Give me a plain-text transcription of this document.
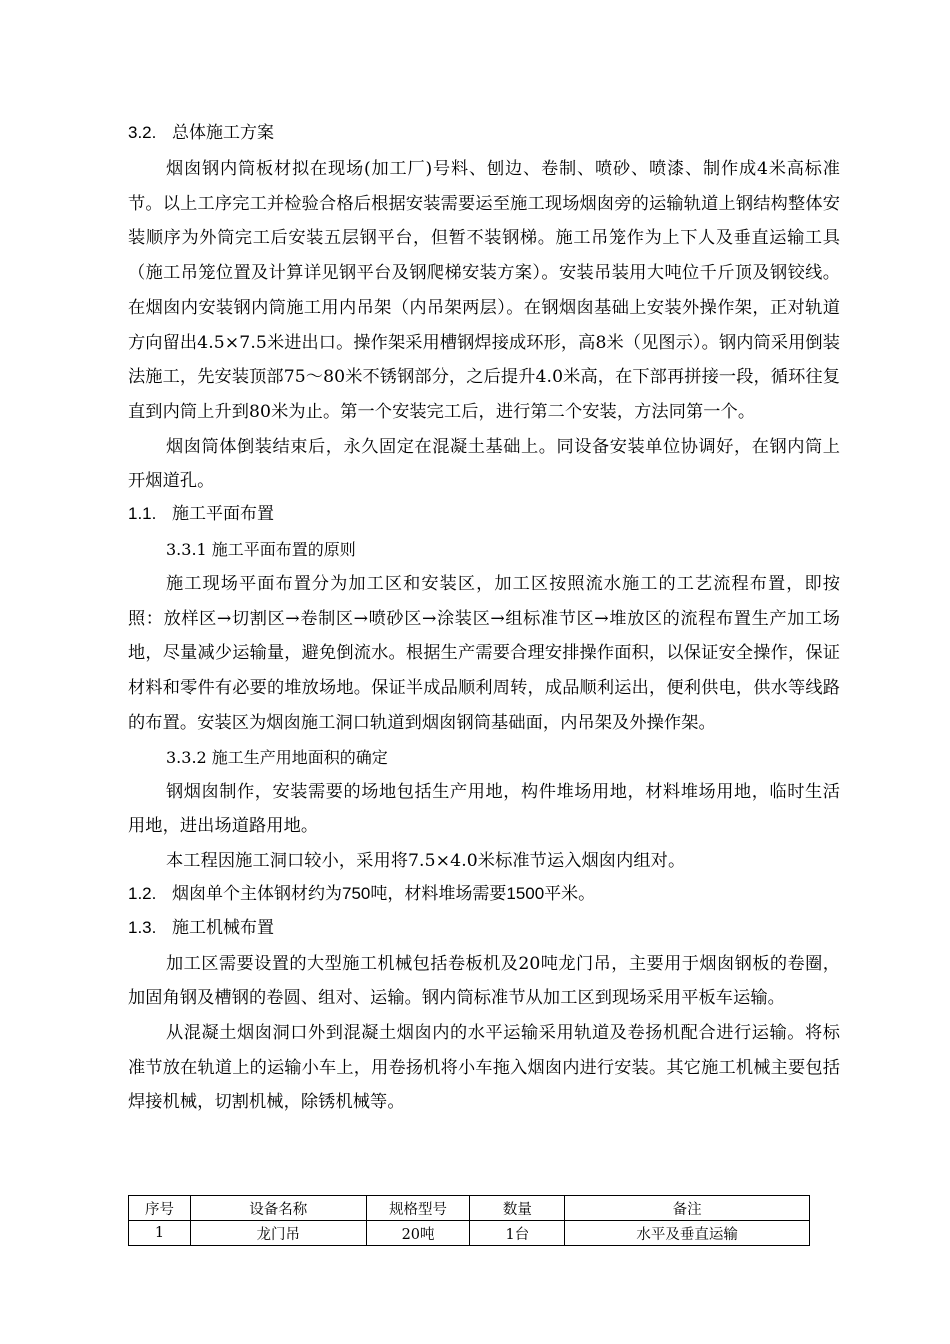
3.2. 总体施工方案

烟囱钢内筒板材拟在现场(加工厂)号料、刨边、卷制、喷砂、喷漆、制作成4米高标准节。以上工序完工并检验合格后根据安装需要运至施工现场烟囱旁的运输轨道上钢结构整体安装顺序为外筒完工后安装五层钢平台，但暂不装钢梯。施工吊笼作为上下人及垂直运输工具（施工吊笼位置及计算详见钢平台及钢爬梯安装方案）。安装吊装用大吨位千斤顶及钢铰线。在烟囱内安装钢内筒施工用内吊架（内吊架两层）。在钢烟囱基础上安装外操作架，正对轨道方向留出4.5×7.5米进出口。操作架采用槽钢焊接成环形，高8米（见图示）。钢内筒采用倒装法施工，先安装顶部75～80米不锈钢部分，之后提升4.0米高，在下部再拼接一段，循环往复直到内筒上升到80米为止。第一个安装完工后，进行第二个安装，方法同第一个。

烟囱筒体倒装结束后，永久固定在混凝土基础上。同设备安装单位协调好，在钢内筒上开烟道孔。

1.1. 施工平面布置
3.3.1 施工平面布置的原则

施工现场平面布置分为加工区和安装区，加工区按照流水施工的工艺流程布置，即按照：放样区→切割区→卷制区→喷砂区→涂装区→组标准节区→堆放区的流程布置生产加工场地，尽量减少运输量，避免倒流水。根据生产需要合理安排操作面积，以保证安全操作，保证材料和零件有必要的堆放场地。保证半成品顺利周转，成品顺利运出，便利供电，供水等线路的布置。安装区为烟囱施工洞口轨道到烟囱钢筒基础面，内吊架及外操作架。

3.3.2 施工生产用地面积的确定

钢烟囱制作，安装需要的场地包括生产用地，构件堆场用地，材料堆场用地，临时生活用地，进出场道路用地。

本工程因施工洞口较小，采用将7.5×4.0米标准节运入烟囱内组对。

1.2. 烟囱单个主体钢材约为750吨，材料堆场需要1500平米。
1.3. 施工机械布置

加工区需要设置的大型施工机械包括卷板机及20吨龙门吊，主要用于烟囱钢板的卷圈，加固角钢及槽钢的卷圆、组对、运输。钢内筒标准节从加工区到现场采用平板车运输。

从混凝土烟囱洞口外到混凝土烟囱内的水平运输采用轨道及卷扬机配合进行运输。将标准节放在轨道上的运输小车上，用卷扬机将小车拖入烟囱内进行安装。其它施工机械主要包括焊接机械，切割机械，除锈机械等。

序号	设备名称	规格型号	数量	备注
1	龙门吊	20吨	1台	水平及垂直运输
